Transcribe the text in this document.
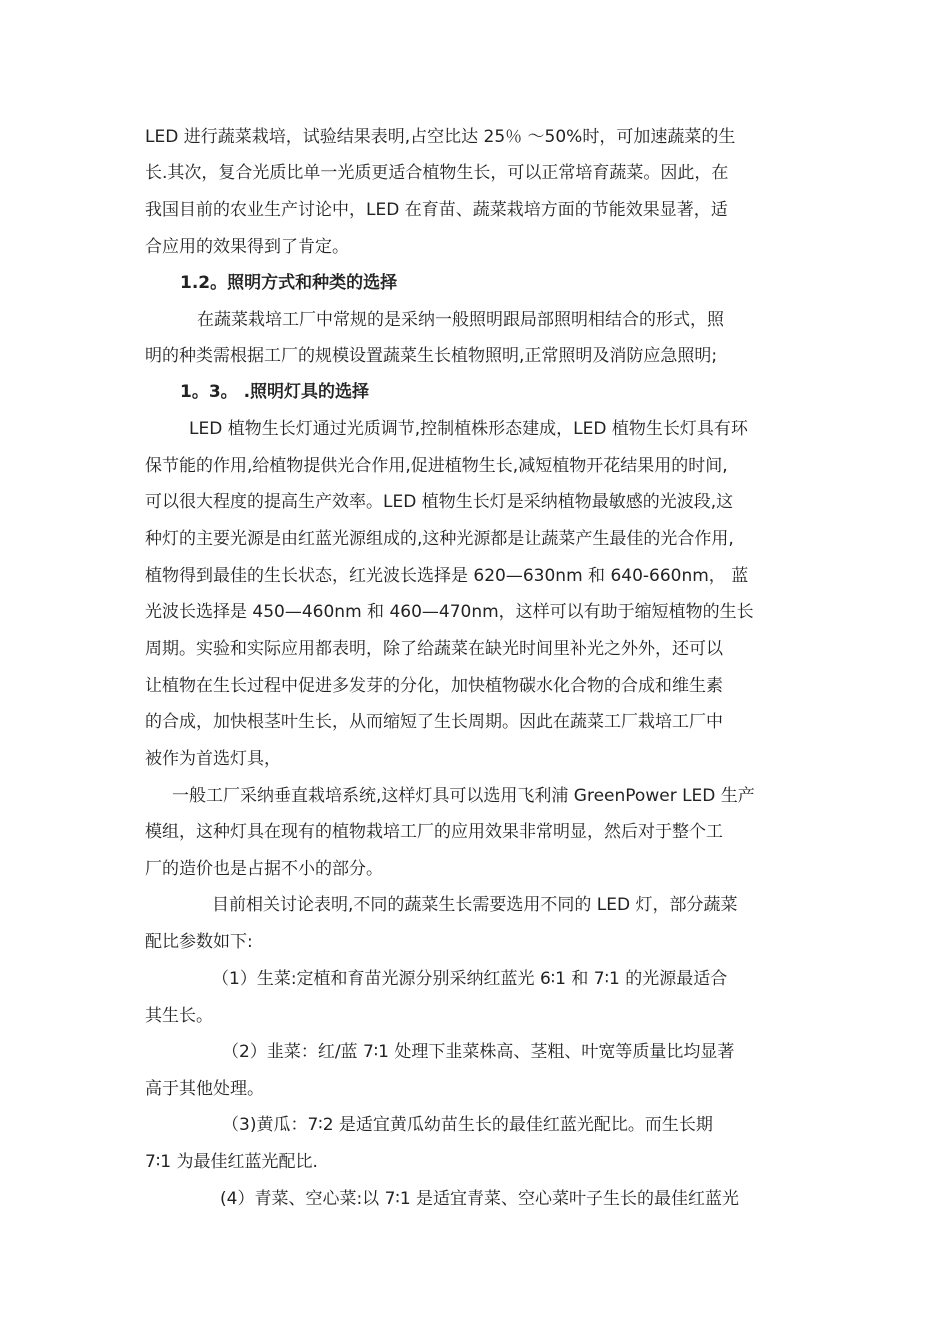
LED 进行蔬菜栽培，试验结果表明,占空比达 25％ ～50%时，可加速蔬菜的生
长.其次，复合光质比单一光质更适合植物生长，可以正常培育蔬菜。因此，在
我国目前的农业生产讨论中，LED 在育苗、蔬菜栽培方面的节能效果显著，适
合应用的效果得到了肯定。
1.2。照明方式和种类的选择
在蔬菜栽培工厂中常规的是采纳一般照明跟局部照明相结合的形式，照
明的种类需根据工厂的规模设置蔬菜生长植物照明,正常照明及消防应急照明;
1。3。 .照明灯具的选择
LED 植物生长灯通过光质调节,控制植株形态建成，LED 植物生长灯具有环
保节能的作用,给植物提供光合作用,促进植物生长,减短植物开花结果用的时间,
可以很大程度的提高生产效率。LED 植物生长灯是采纳植物最敏感的光波段,这
种灯的主要光源是由红蓝光源组成的,这种光源都是让蔬菜产生最佳的光合作用,
植物得到最佳的生长状态，红光波长选择是 620—630nm 和 640-660nm， 蓝
光波长选择是 450—460nm 和 460—470nm，这样可以有助于缩短植物的生长
周期。实验和实际应用都表明，除了给蔬菜在缺光时间里补光之外外，还可以
让植物在生长过程中促进多发芽的分化，加快植物碳水化合物的合成和维生素
的合成，加快根茎叶生长，从而缩短了生长周期。因此在蔬菜工厂栽培工厂中
被作为首选灯具，
一般工厂采纳垂直栽培系统,这样灯具可以选用飞利浦 GreenPower LED 生产
模组，这种灯具在现有的植物栽培工厂的应用效果非常明显，然后对于整个工
厂的造价也是占据不小的部分。
目前相关讨论表明,不同的蔬菜生长需要选用不同的 LED 灯，部分蔬菜
配比参数如下:
（1）生菜:定植和育苗光源分别采纳红蓝光 6∶1 和 7∶1 的光源最适合
其生长。
（2）韭菜：红/蓝 7∶1 处理下韭菜株高、茎粗、叶宽等质量比均显著
高于其他处理。
（3)黄瓜：7∶2 是适宜黄瓜幼苗生长的最佳红蓝光配比。而生长期
7∶1 为最佳红蓝光配比.
(4）青菜、空心菜:以 7∶1 是适宜青菜、空心菜叶子生长的最佳红蓝光
